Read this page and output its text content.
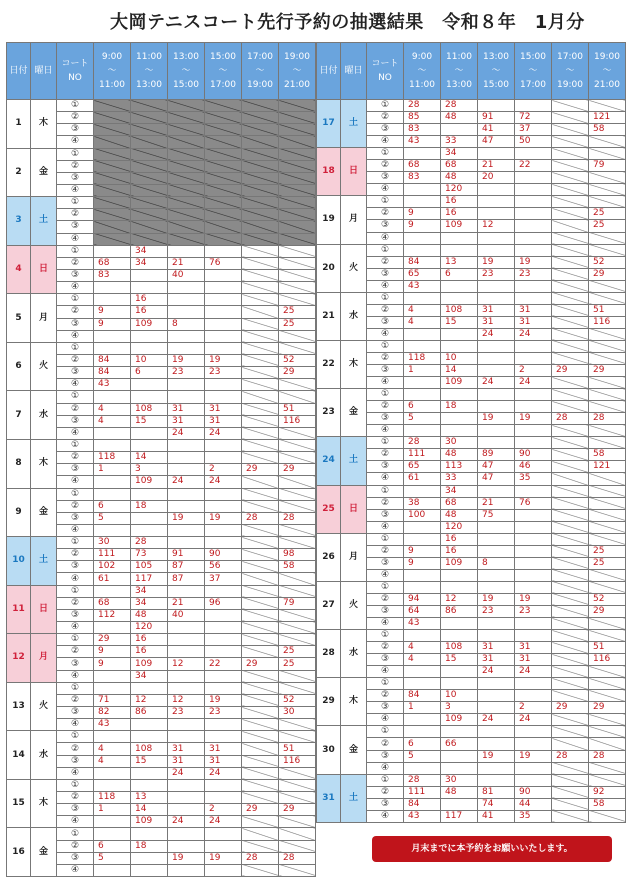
大岡テニスコート先行予約の抽選結果　令和８年　1月分
日付	曜日	コート
NO	9:00
～
11:00	11:00
～
13:00	13:00
～
15:00	15:00
～
17:00	17:00
～
19:00	19:00
～
21:00

1	木	①						
		②						
		③						
		④						
2	金	①						
		②						
		③						
		④						
3	土	①						
		②						
		③						
		④						
4	日	①		34				
		②	68	34	21	76		
		③	83		40			
		④						
5	月	①		16				
		②	9	16				25
		③	9	109	8			25
		④						
6	火	①						
		②	84	10	19	19		52
		③	84	6	23	23		29
		④	43					
7	水	①						
		②	4	108	31	31		51
		③	4	15	31	31		116
		④			24	24		
8	木	①						
		②	118	14				
		③	1	3		2	29	29
		④		109	24	24		
9	金	①						
		②	6	18				
		③	5		19	19	28	28
		④						
10	土	①	30	28				
		②	111	73	91	90		98
		③	102	105	87	56		58
		④	61	117	87	37		
11	日	①		34				
		②	68	34	21	96		79
		③	112	48	40			
		④		120				
12	月	①	29	16				
		②	9	16				25
		③	9	109	12	22	29	25
		④		34				
13	火	①						
		②	71	12	12	19		52
		③	82	86	23	23		30
		④	43					
14	水	①						
		②	4	108	31	31		51
		③	4	15	31	31		116
		④			24	24		
15	木	①						
		②	118	13				
		③	1	14		2	29	29
		④		109	24	24		
16	金	①						
		②	6	18				
		③	5		19	19	28	28
		④						
日付	曜日	コート
NO	9:00
～
11:00	11:00
～
13:00	13:00
～
15:00	15:00
～
17:00	17:00
～
19:00	19:00
～
21:00

17	土	①	28	28				
		②	85	48	91	72		121
		③	83		41	37		58
		④	43	33	47	50		
18	日	①		34				
		②	68	68	21	22		79
		③	83	48	20			
		④		120				
19	月	①		16				
		②	9	16				25
		③	9	109	12			25
		④						
20	火	①						
		②	84	13	19	19		52
		③	65	6	23	23		29
		④	43					
21	水	①						
		②	4	108	31	31		51
		③	4	15	31	31		116
		④			24	24		
22	木	①						
		②	118	10				
		③	1	14		2	29	29
		④		109	24	24		
23	金	①						
		②	6	18				
		③	5		19	19	28	28
		④						
24	土	①	28	30				
		②	111	48	89	90		58
		③	65	113	47	46		121
		④	61	33	47	35		
25	日	①		34				
		②	38	68	21	76		
		③	100	48	75			
		④		120				
26	月	①		16				
		②	9	16				25
		③	9	109	8			25
		④						
27	火	①						
		②	94	12	19	19		52
		③	64	86	23	23		29
		④	43					
28	水	①						
		②	4	108	31	31		51
		③	4	15	31	31		116
		④			24	24		
29	木	①						
		②	84	10				
		③	1	3		2	29	29
		④		109	24	24		
30	金	①						
		②	6	66				
		③	5		19	19	28	28
		④						
31	土	①	28	30				
		②	111	48	81	90		92
		③	84		74	44		58
		④	43	117	41	35		
月末までに本予約をお願いいたします。
